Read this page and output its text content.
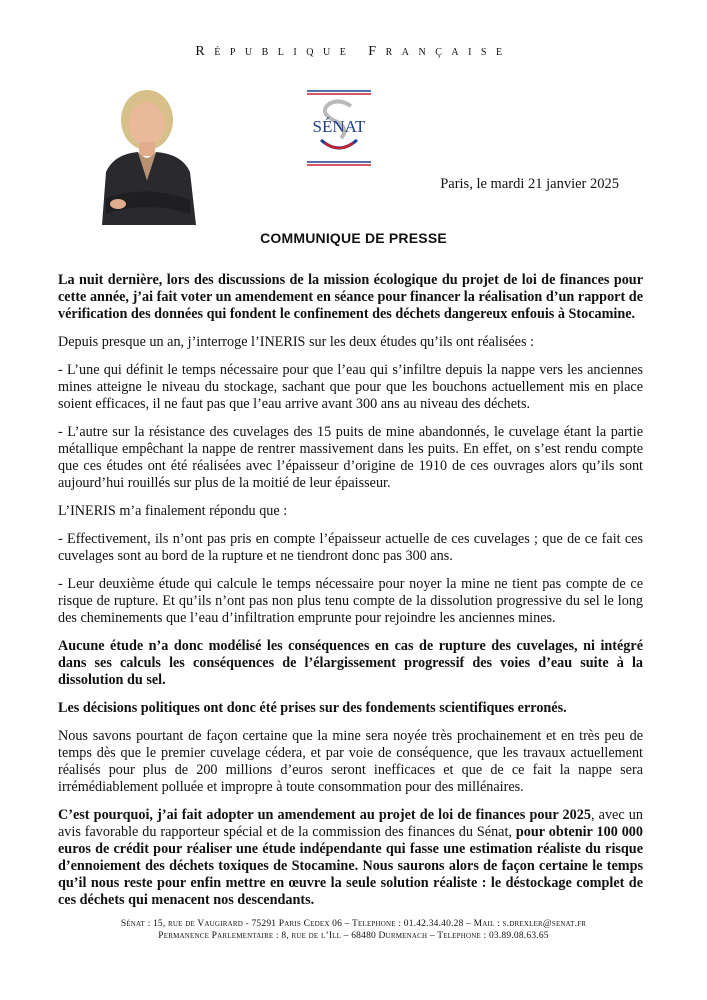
République Française
SÉNAT
Paris, le mardi 21 janvier 2025
COMMUNIQUE DE PRESSE

La nuit dernière, lors des discussions de la mission écologique du projet de loi de finances pour cette année, j’ai fait voter un amendement en séance pour financer la réalisation d’un rapport de vérification des données qui fondent le confinement des déchets dangereux enfouis à Stocamine.

Depuis presque un an, j’interroge l’INERIS sur les deux études qu’ils ont réalisées :

- L’une qui définit le temps nécessaire pour que l’eau qui s’infiltre depuis la nappe vers les anciennes mines atteigne le niveau du stockage, sachant que pour que les bouchons actuellement mis en place soient efficaces, il ne faut pas que l’eau arrive avant 300 ans au niveau des déchets.

- L’autre sur la résistance des cuvelages des 15 puits de mine abandonnés, le cuvelage étant la partie métallique empêchant la nappe de rentrer massivement dans les puits. En effet, on s’est rendu compte que ces études ont été réalisées avec l’épaisseur d’origine de 1910 de ces ouvrages alors qu’ils sont aujourd’hui rouillés sur plus de la moitié de leur épaisseur.

L’INERIS m’a finalement répondu que :

- Effectivement, ils n’ont pas pris en compte l’épaisseur actuelle de ces cuvelages ; que de ce fait ces cuvelages sont au bord de la rupture et ne tiendront donc pas 300 ans.

- Leur deuxième étude qui calcule le temps nécessaire pour noyer la mine ne tient pas compte de ce risque de rupture. Et qu’ils n’ont pas non plus tenu compte de la dissolution progressive du sel le long des cheminements que l’eau d’infiltration emprunte pour rejoindre les anciennes mines.

Aucune étude n’a donc modélisé les conséquences en cas de rupture des cuvelages, ni intégré dans ses calculs les conséquences de l’élargissement progressif des voies d’eau suite à la dissolution du sel.

Les décisions politiques ont donc été prises sur des fondements scientifiques erronés.

Nous savons pourtant de façon certaine que la mine sera noyée très prochainement et en très peu de temps dès que le premier cuvelage cédera, et par voie de conséquence, que les travaux actuellement réalisés pour plus de 200 millions d’euros seront inefficaces et que de ce fait la nappe sera irrémédiablement polluée et impropre à toute consommation pour des millénaires.

C’est pourquoi, j’ai fait adopter un amendement au projet de loi de finances pour 2025, avec un avis favorable du rapporteur spécial et de la commission des finances du Sénat, pour obtenir 100 000 euros de crédit pour réaliser une étude indépendante qui fasse une estimation réaliste du risque d’ennoiement des déchets toxiques de Stocamine. Nous saurons alors de façon certaine le temps qu’il nous reste pour enfin mettre en œuvre la seule solution réaliste : le déstockage complet de ces déchets qui menacent nos descendants.

Sénat : 15, rue de Vaugirard - 75291 Paris Cedex 06 – Telephone : 01.42.34.40.28 – Mail : s.drexler@senat.fr
Permanence Parlementaire : 8, rue de l’Ill – 68480 Durmenach – Telephone : 03.89.08.63.65
